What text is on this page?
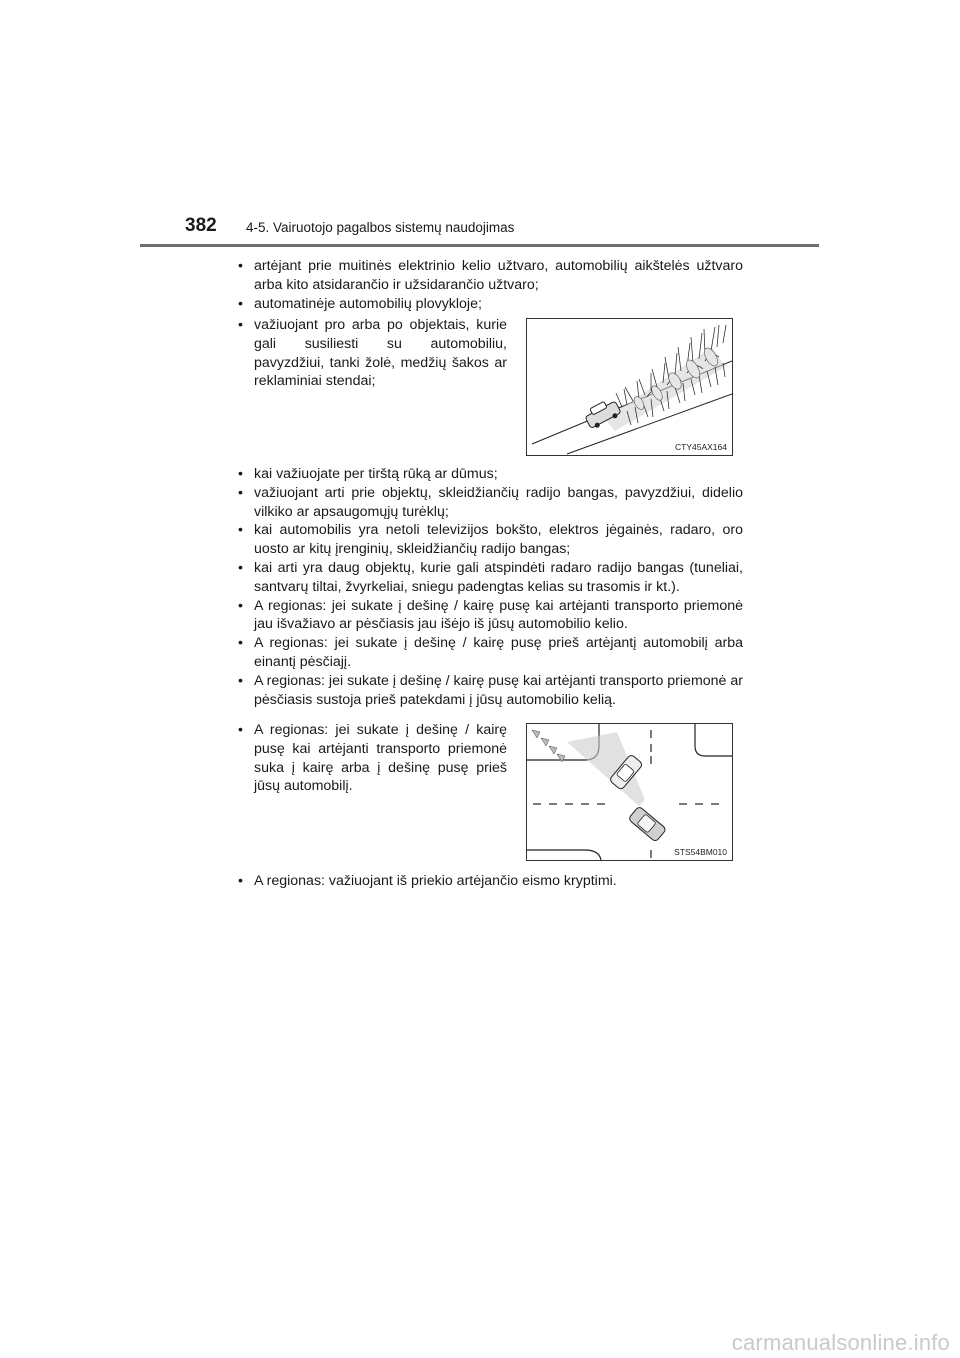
382 4-5. Vairuotojo pagalbos sistemų naudojimas

• artėjant prie muitinės elektrinio kelio užtvaro, automobilių aikštelės užtvaro arba kito atsidarančio ir užsidarančio užtvaro;

• automatinėje automobilių plovykloje;

• važiuojant pro arba po objektais, kurie gali susiliesti su automobiliu, pavyzdžiui, tanki žolė, medžių šakos ar reklaminiai stendai;

CTY45AX164

• kai važiuojate per tirštą rūką ar dūmus;

• važiuojant arti prie objektų, skleidžiančių radijo bangas, pavyzdžiui, didelio vilkiko ar apsaugomųjų turėklų;

• kai automobilis yra netoli televizijos bokšto, elektros jėgainės, radaro, oro uosto ar kitų įrenginių, skleidžiančių radijo bangas;

• kai arti yra daug objektų, kurie gali atspindėti radaro radijo bangas (tuneliai, santvarų tiltai, žvyrkeliai, sniegu padengtas kelias su trasomis ir kt.).

• A regionas: jei sukate į dešinę / kairę pusę kai artėjanti transporto priemonė jau išvažiavo ar pėsčiasis jau išėjo iš jūsų automobilio kelio.

• A regionas: jei sukate į dešinę / kairę pusę prieš artėjantį automobilį arba einantį pėsčiajį.

• A regionas: jei sukate į dešinę / kairę pusę kai artėjanti transporto priemonė ar pėsčiasis sustoja prieš patekdami į jūsų automobilio kelią.

• A regionas: jei sukate į dešinę / kairę pusę kai artėjanti transporto priemonė suka į kairę arba į dešinę pusę prieš jūsų automobilį.

STS54BM010

• A regionas: važiuojant iš priekio artėjančio eismo kryptimi.

carmanualsonline.info
